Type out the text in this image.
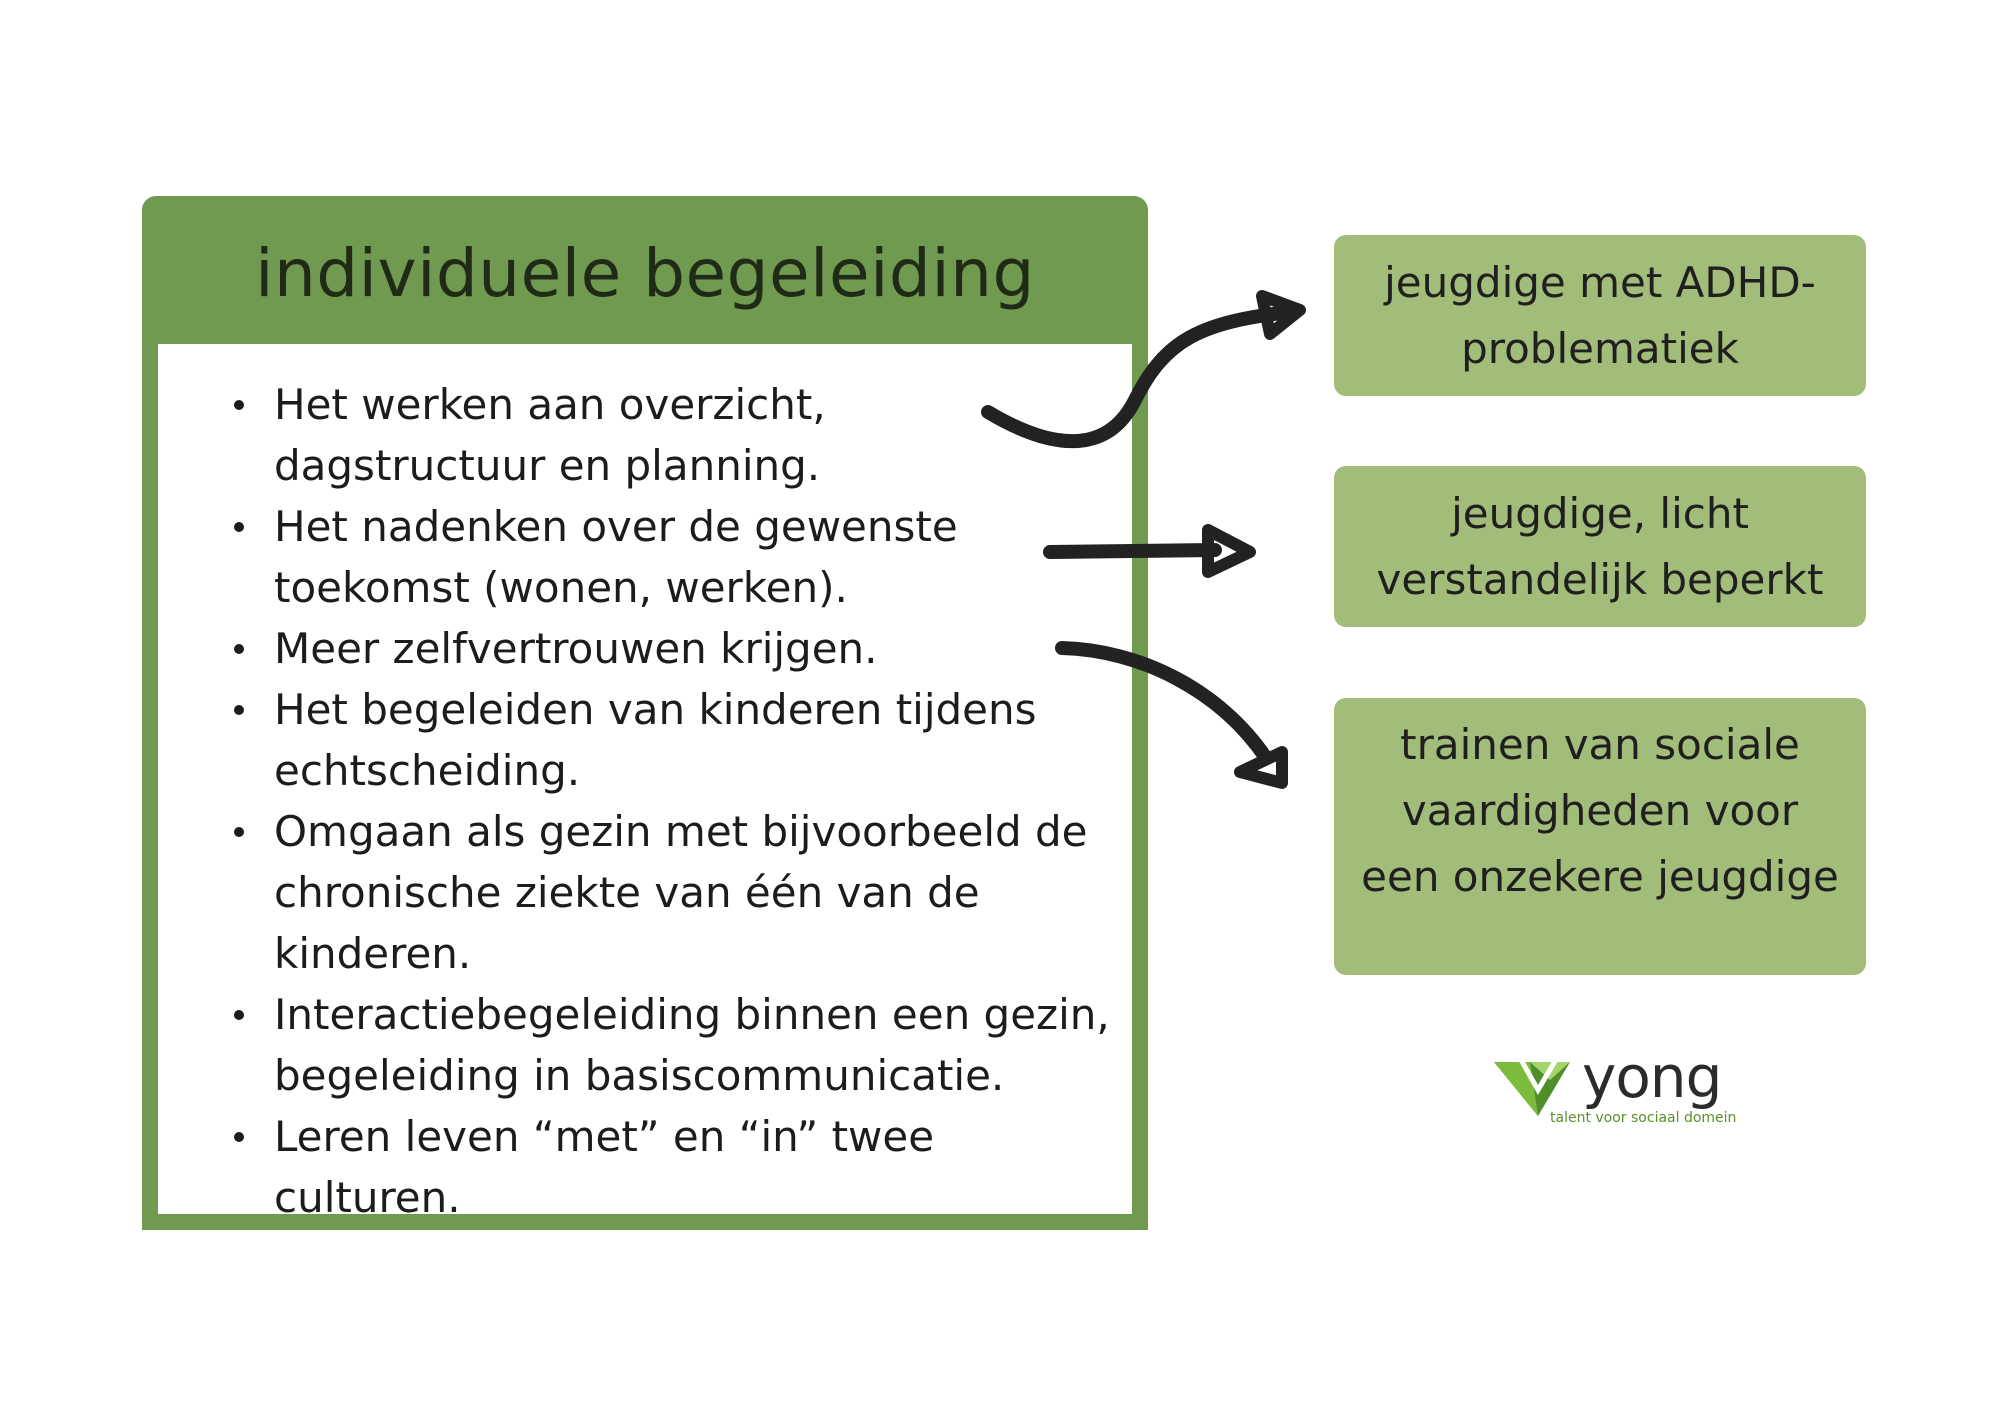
individuele begeleiding
Het werken aan overzicht,
dagstructuur en planning.
Het nadenken over de gewenste
toekomst (wonen, werken).
Meer zelfvertrouwen krijgen.
Het begeleiden van kinderen tijdens
echtscheiding.
Omgaan als gezin met bijvoorbeeld de
chronische ziekte van één van de
kinderen.
Interactiebegeleiding binnen een gezin,
begeleiding in basiscommunicatie.
Leren leven “met” en “in” twee culturen.
jeugdige met ADHD-
problematiek
jeugdige, licht
verstandelijk beperkt
trainen van sociale
vaardigheden voor
een onzekere jeugdige
yong
talent voor sociaal domein
